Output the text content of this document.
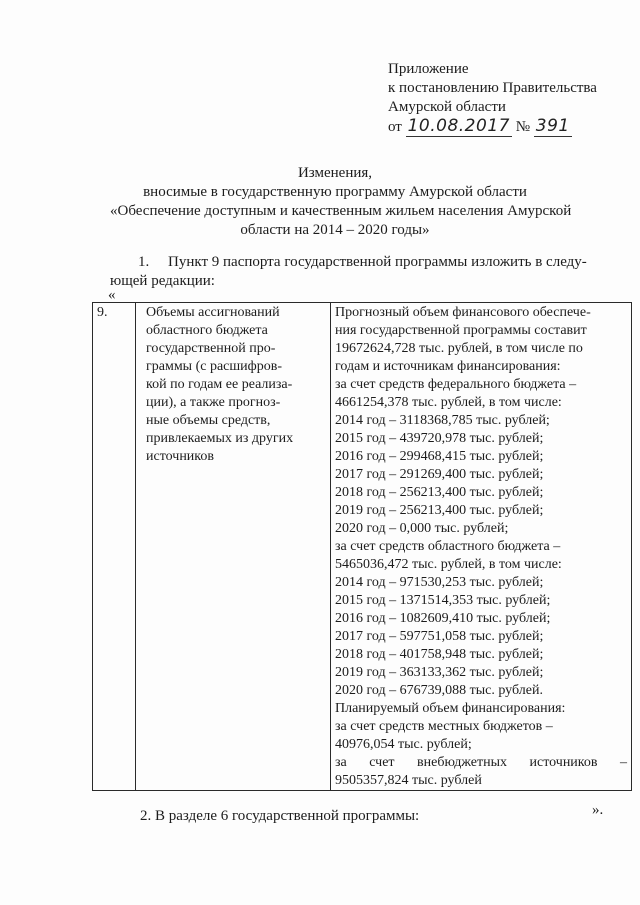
Приложение
к постановлению Правительства
Амурской области
от 10.08.2017 № 391
Изменения,
вносимые в государственную программу Амурской области
«Обеспечение доступным и качественным жильем населения Амурской
области на 2014 – 2020 годы»
1. Пункт 9 паспорта государственной программы изложить в следу-
ющей редакции:
«
9.	Объемы ассигнований
областного бюджета
государственной про-
граммы (с расшифров-
кой по годам ее реализа-
ции), а также прогноз-
ные объемы средств,
привлекаемых из других
источников

Прогнозный объем финансового обеспече-
ния государственной программы составит
19672624,728 тыс. рублей, в том числе по
годам и источникам финансирования:
за счет средств федерального бюджета –
4661254,378 тыс. рублей, в том числе:
2014 год – 3118368,785 тыс. рублей;
2015 год – 439720,978 тыс. рублей;
2016 год – 299468,415 тыс. рублей;
2017 год – 291269,400 тыс. рублей;
2018 год – 256213,400 тыс. рублей;
2019 год – 256213,400 тыс. рублей;
2020 год – 0,000 тыс. рублей;
за счет средств областного бюджета –
5465036,472 тыс. рублей, в том числе:
2014 год – 971530,253 тыс. рублей;
2015 год – 1371514,353 тыс. рублей;
2016 год – 1082609,410 тыс. рублей;
2017 год – 597751,058 тыс. рублей;
2018 год – 401758,948 тыс. рублей;
2019 год – 363133,362 тыс. рублей;
2020 год – 676739,088 тыс. рублей.
Планируемый объем финансирования:
за счет средств местных бюджетов –
40976,054 тыс. рублей;
за счет внебюджетных источников –
9505357,824 тыс. рублей
».
2. В разделе 6 государственной программы:
